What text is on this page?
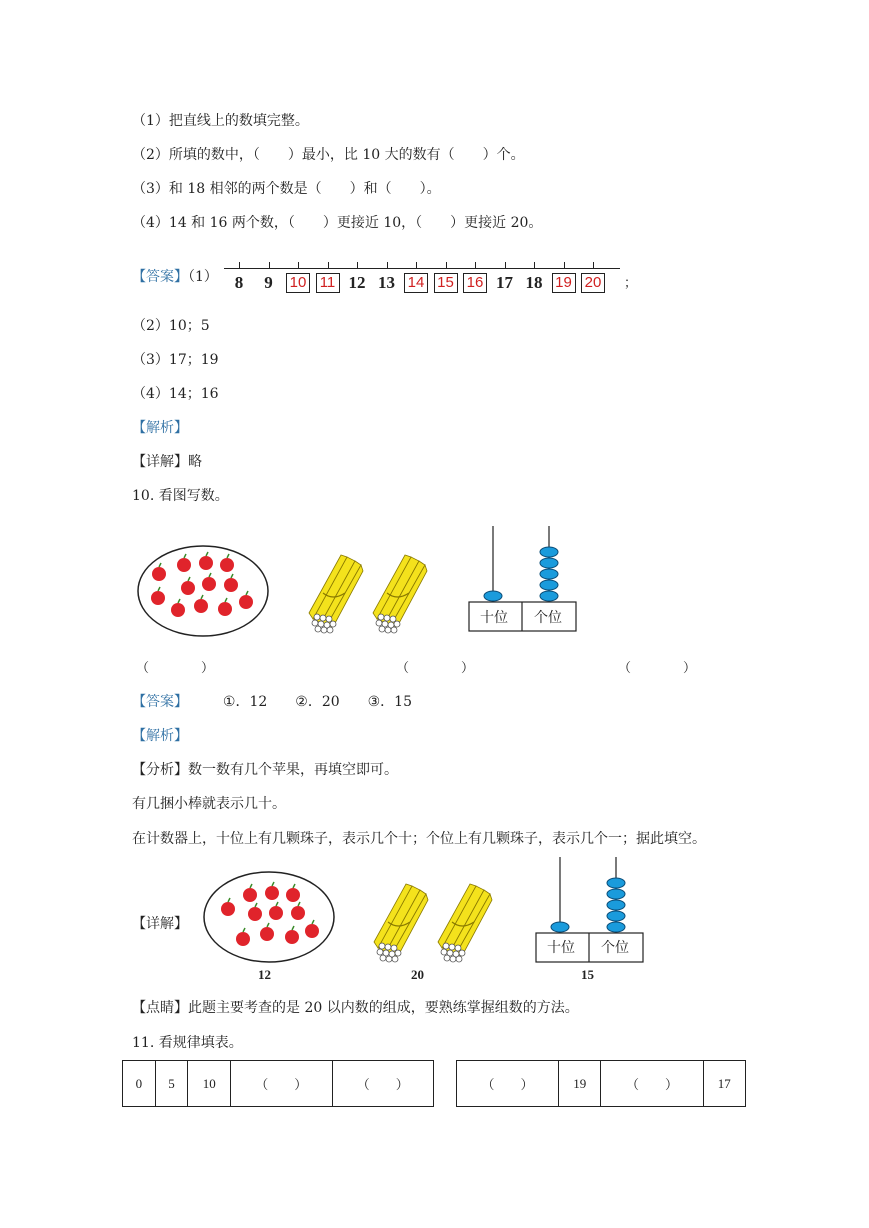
（1）把直线上的数填完整。
（2）所填的数中，（　　）最小，比 10 大的数有（　　）个。
（3）和 18 相邻的两个数是（　　）和（　　）。
（4）14 和 16 两个数，（　　）更接近 10，（　　）更接近 20。
【答案】（1）	；
8	9	10 11 12 13 14 15 16 17 18 19 20
（2）10；5
（3）17；19
（4）14；16
【解析】
【详解】略
10. 看图写数。
十位 个位
（　　　　）	（　　　　）	（　　　　）
【答案】 ①．12　　②．20　　③．15
【解析】
【分析】数一数有几个苹果，再填空即可。
有几捆小棒就表示几十。
在计数器上，十位上有几颗珠子，表示几个十；个位上有几颗珠子，表示几个一；据此填空。
【详解】
十位 个位
12	20	15
【点睛】此题主要考查的是 20 以内数的组成，要熟练掌握组数的方法。
11. 看规律填表。
0	5	10	（　　）	（　　）	（　　）	19	（　　）	17
